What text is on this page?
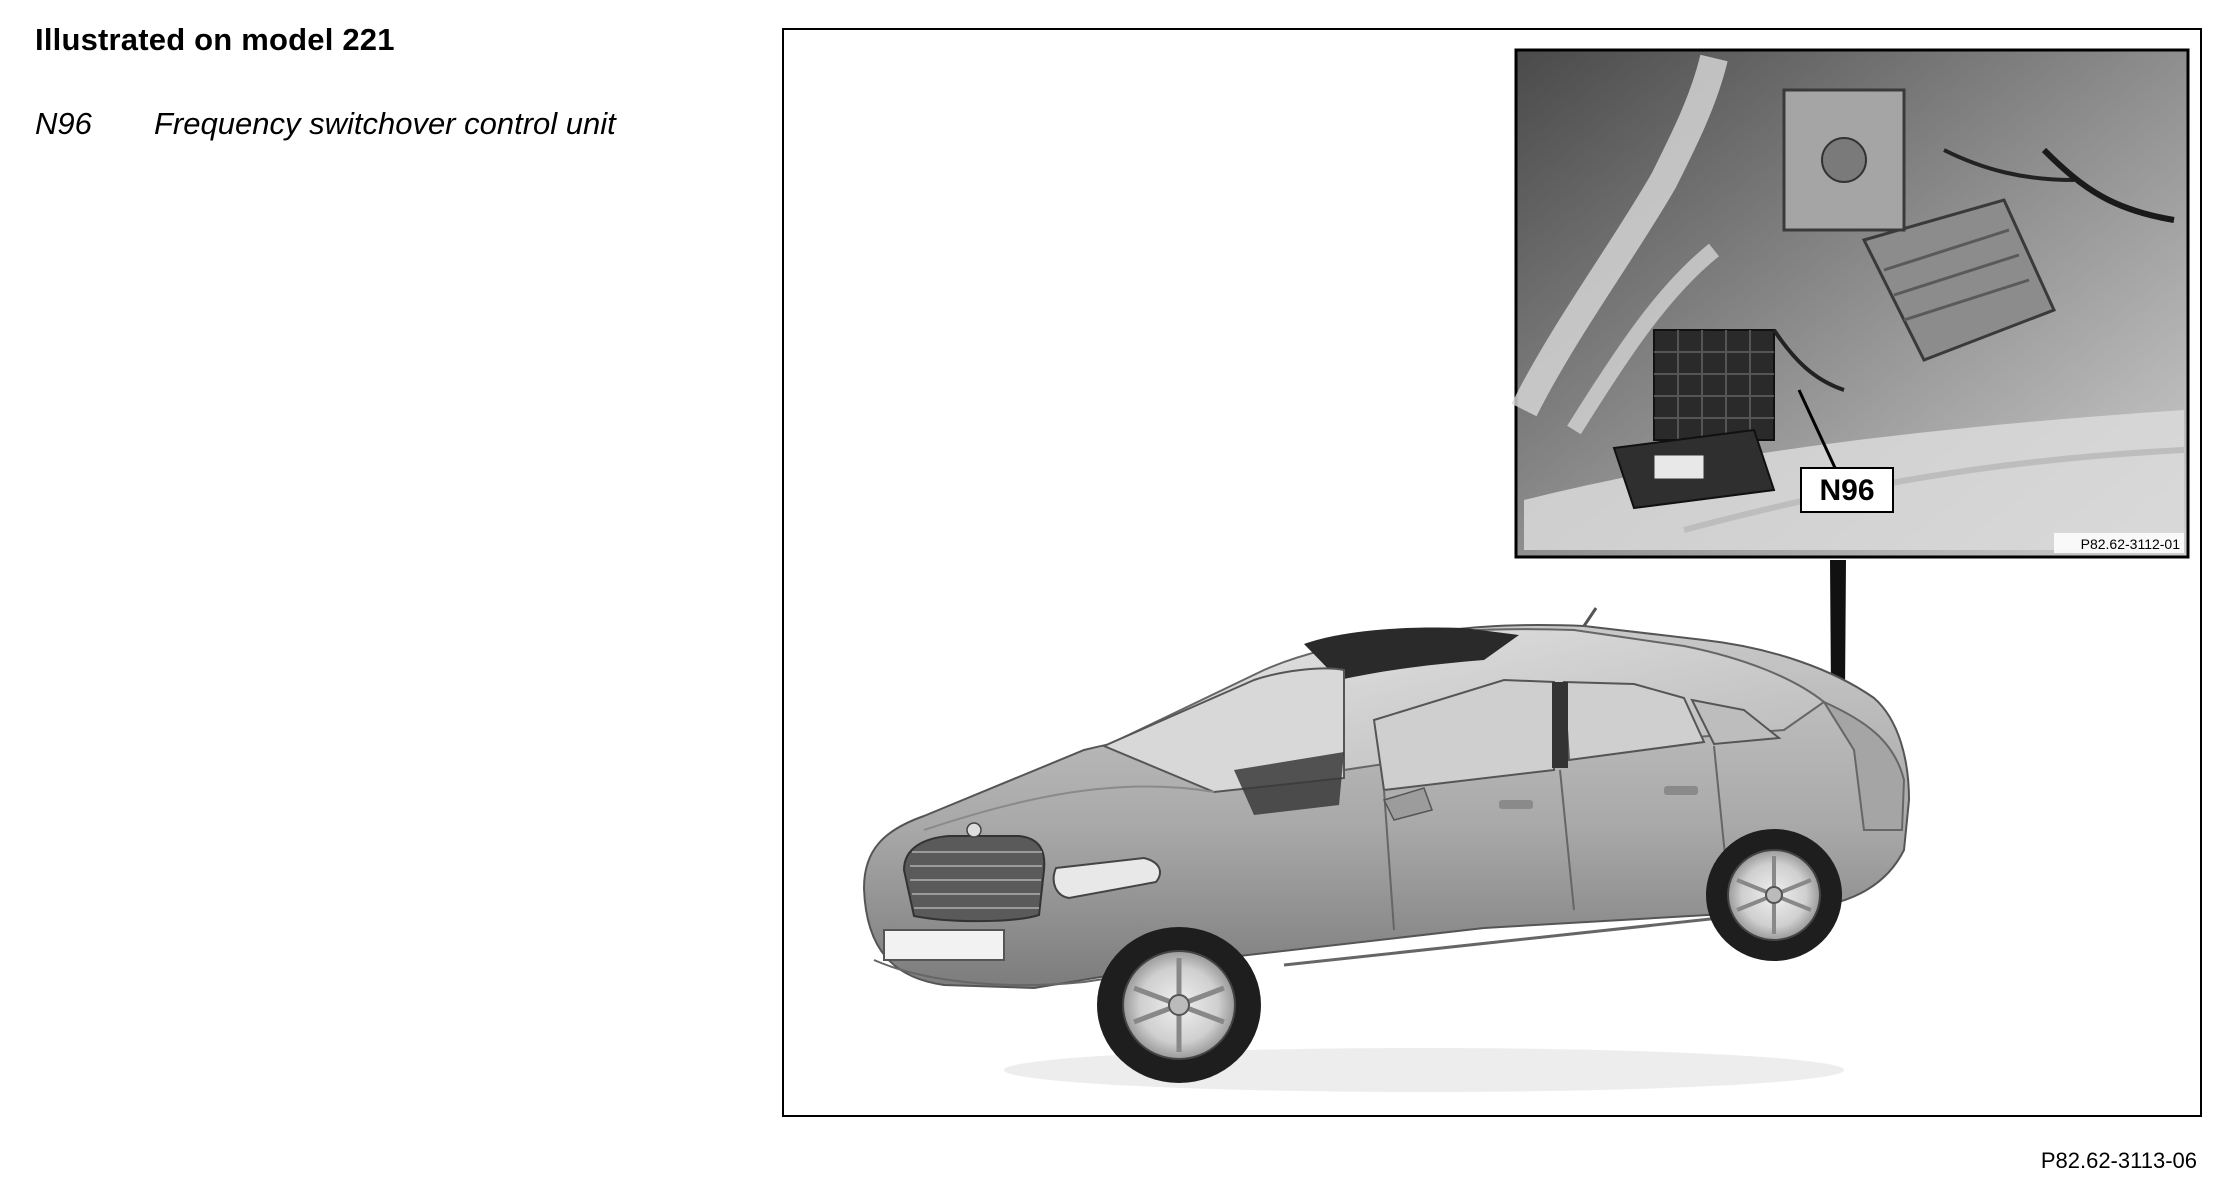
Illustrated on model 221
N96 Frequency switchover control unit
N96
P82.62-3112-01
P82.62-3113-06
